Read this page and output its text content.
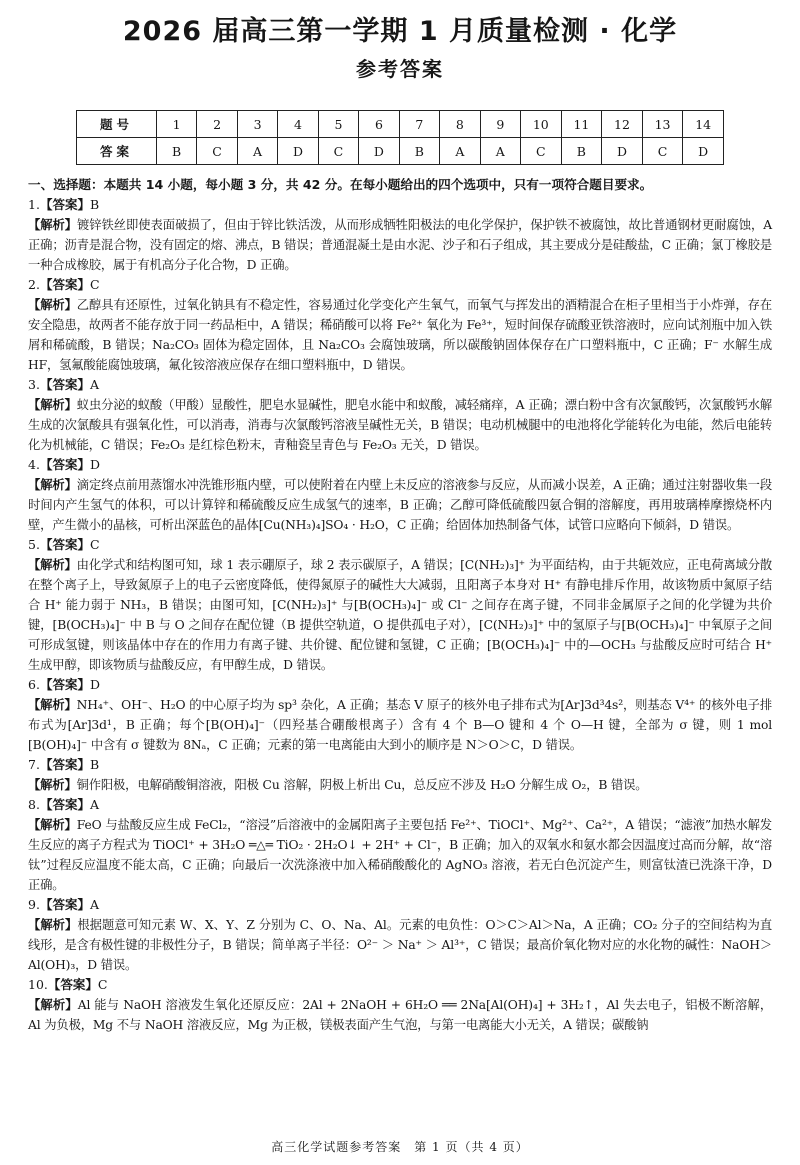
2026 届高三第一学期 1 月质量检测 · 化学
参考答案
题号	1	2	3	4	5	6	7	8	9	10	11	12	13	14
答案	B	C	A	D	C	D	B	A	A	C	B	D	C	D
一、选择题：本题共 14 小题，每小题 3 分，共 42 分。在每小题给出的四个选项中，只有一项符合题目要求。
1.【答案】B
【解析】镀锌铁丝即使表面破损了，但由于锌比铁活泼，从而形成牺牲阳极法的电化学保护，保护铁不被腐蚀，故比普通钢材更耐腐蚀，A 正确；沥青是混合物，没有固定的熔、沸点，B 错误；普通混凝土是由水泥、沙子和石子组成，其主要成分是硅酸盐，C 正确；氯丁橡胶是一种合成橡胶，属于有机高分子化合物，D 正确。
2.【答案】C
【解析】乙醇具有还原性，过氧化钠具有不稳定性，容易通过化学变化产生氧气，而氧气与挥发出的酒精混合在柜子里相当于小炸弹，存在安全隐患，故两者不能存放于同一药品柜中，A 错误；稀硝酸可以将 Fe²⁺ 氧化为 Fe³⁺，短时间保存硫酸亚铁溶液时，应向试剂瓶中加入铁屑和稀硫酸，B 错误；Na₂CO₃ 固体为稳定固体，且 Na₂CO₃ 会腐蚀玻璃，所以碳酸钠固体保存在广口塑料瓶中，C 正确；F⁻ 水解生成 HF，氢氟酸能腐蚀玻璃，氟化铵溶液应保存在细口塑料瓶中，D 错误。
3.【答案】A
【解析】蚁虫分泌的蚁酸（甲酸）显酸性，肥皂水显碱性，肥皂水能中和蚁酸，减轻痛痒，A 正确；漂白粉中含有次氯酸钙，次氯酸钙水解生成的次氯酸具有强氧化性，可以消毒，消毒与次氯酸钙溶液呈碱性无关，B 错误；电动机械腿中的电池将化学能转化为电能，然后电能转化为机械能，C 错误；Fe₂O₃ 是红棕色粉末，青釉瓷呈青色与 Fe₂O₃ 无关，D 错误。
4.【答案】D
【解析】滴定终点前用蒸馏水冲洗锥形瓶内壁，可以使附着在内壁上未反应的溶液参与反应，从而减小误差，A 正确；通过注射器收集一段时间内产生氢气的体积，可以计算锌和稀硫酸反应生成氢气的速率，B 正确；乙醇可降低硫酸四氨合铜的溶解度，再用玻璃棒摩擦烧杯内壁，产生微小的晶核，可析出深蓝色的晶体[Cu(NH₃)₄]SO₄ · H₂O，C 正确；给固体加热制备气体，试管口应略向下倾斜，D 错误。
5.【答案】C
【解析】由化学式和结构图可知，球 1 表示硼原子，球 2 表示碳原子，A 错误；[C(NH₂)₃]⁺ 为平面结构，由于共轭效应，正电荷离域分散在整个离子上，导致氮原子上的电子云密度降低，使得氮原子的碱性大大减弱，且阳离子本身对 H⁺ 有静电排斥作用，故该物质中氮原子结合 H⁺ 能力弱于 NH₃，B 错误；由图可知，[C(NH₂)₃]⁺ 与[B(OCH₃)₄]⁻ 或 Cl⁻ 之间存在离子键，不同非金属原子之间的化学键为共价键，[B(OCH₃)₄]⁻ 中 B 与 O 之间存在配位键（B 提供空轨道，O 提供孤电子对），[C(NH₂)₃]⁺ 中的氢原子与[B(OCH₃)₄]⁻ 中氧原子之间可形成氢键，则该晶体中存在的作用力有离子键、共价键、配位键和氢键，C 正确；[B(OCH₃)₄]⁻ 中的—OCH₃ 与盐酸反应时可结合 H⁺ 生成甲醇，即该物质与盐酸反应，有甲醇生成，D 错误。
6.【答案】D
【解析】NH₄⁺、OH⁻、H₂O 的中心原子均为 sp³ 杂化，A 正确；基态 V 原子的核外电子排布式为[Ar]3d³4s²，则基态 V⁴⁺ 的核外电子排布式为[Ar]3d¹，B 正确；每个[B(OH)₄]⁻（四羟基合硼酸根离子）含有 4 个 B—O 键和 4 个 O—H 键，全部为 σ 键，则 1 mol [B(OH)₄]⁻ 中含有 σ 键数为 8Nₐ，C 正确；元素的第一电离能由大到小的顺序是 N＞O＞C，D 错误。
7.【答案】B
【解析】铜作阳极，电解硝酸铜溶液，阳极 Cu 溶解，阴极上析出 Cu，总反应不涉及 H₂O 分解生成 O₂，B 错误。
8.【答案】A
【解析】FeO 与盐酸反应生成 FeCl₂，“溶浸”后溶液中的金属阳离子主要包括 Fe²⁺、TiOCl⁺、Mg²⁺、Ca²⁺，A 错误；“滤液”加热水解发生反应的离子方程式为 TiOCl⁺ + 3H₂O ═△═ TiO₂ · 2H₂O↓ + 2H⁺ + Cl⁻，B 正确；加入的双氧水和氨水都会因温度过高而分解，故“溶钛”过程反应温度不能太高，C 正确；向最后一次洗涤液中加入稀硝酸酸化的 AgNO₃ 溶液，若无白色沉淀产生，则富钛渣已洗涤干净，D 正确。
9.【答案】A
【解析】根据题意可知元素 W、X、Y、Z 分别为 C、O、Na、Al。元素的电负性：O＞C＞Al＞Na，A 正确；CO₂ 分子的空间结构为直线形，是含有极性键的非极性分子，B 错误；简单离子半径：O²⁻ ＞ Na⁺ ＞ Al³⁺，C 错误；最高价氧化物对应的水化物的碱性：NaOH＞Al(OH)₃，D 错误。
10.【答案】C
【解析】Al 能与 NaOH 溶液发生氧化还原反应：2Al + 2NaOH + 6H₂O ══ 2Na[Al(OH)₄] + 3H₂↑，Al 失去电子，铝极不断溶解，Al 为负极，Mg 不与 NaOH 溶液反应，Mg 为正极，镁极表面产生气泡，与第一电离能大小无关，A 错误；碳酸钠
高三化学试题参考答案　第 1 页（共 4 页）
